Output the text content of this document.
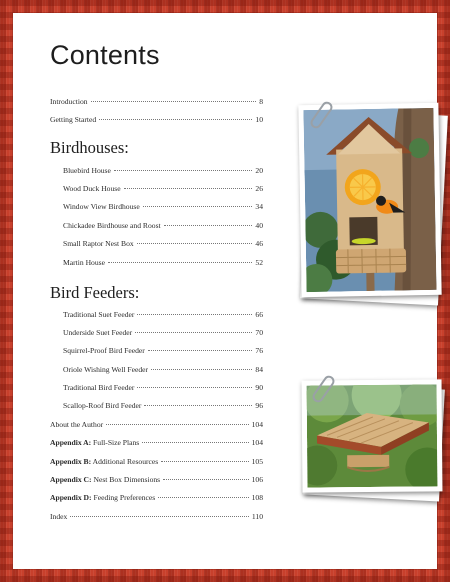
Contents
Introduction	8
Getting Started	10
Birdhouses:
Bluebird House	20
Wood Duck House	26
Window View Birdhouse	34
Chickadee Birdhouse and Roost	40
Small Raptor Nest Box	46
Martin House	52
Bird Feeders:
Traditional Suet Feeder	66
Underside Suet Feeder	70
Squirrel-Proof Bird Feeder	76
Oriole Wishing Well Feeder	84
Traditional Bird Feeder	90
Scallop-Roof Bird Feeder	96
About the Author	104
Appendix A: Full-Size Plans	104
Appendix B: Additional Resources	105
Appendix C: Nest Box Dimensions	106
Appendix D: Feeding Preferences	108
Index	110
